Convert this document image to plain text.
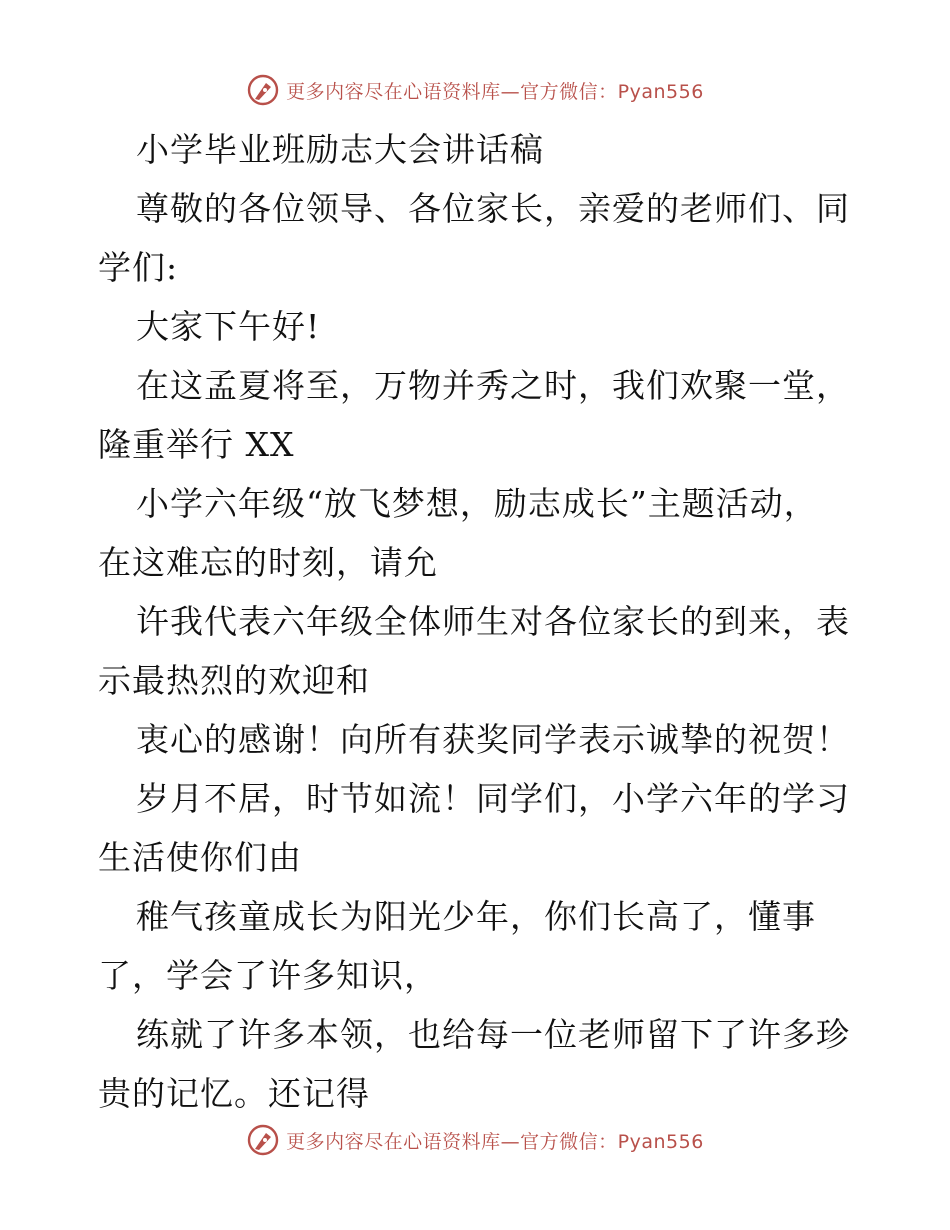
更多内容尽在心语资料库—官方微信：Pyan556
小学毕业班励志大会讲话稿
尊敬的各位领导、各位家长，亲爱的老师们、同
学们:
大家下午好!
在这孟夏将至，万物并秀之时，我们欢聚一堂，
隆重举行 XX
小学六年级“放飞梦想，励志成长”主题活动，
在这难忘的时刻，请允
许我代表六年级全体师生对各位家长的到来，表
示最热烈的欢迎和
衷心的感谢！向所有获奖同学表示诚挚的祝贺！
岁月不居，时节如流！同学们，小学六年的学习
生活使你们由
稚气孩童成长为阳光少年，你们长高了，懂事
了，学会了许多知识，
练就了许多本领，也给每一位老师留下了许多珍
贵的记忆。还记得
更多内容尽在心语资料库—官方微信：Pyan556
